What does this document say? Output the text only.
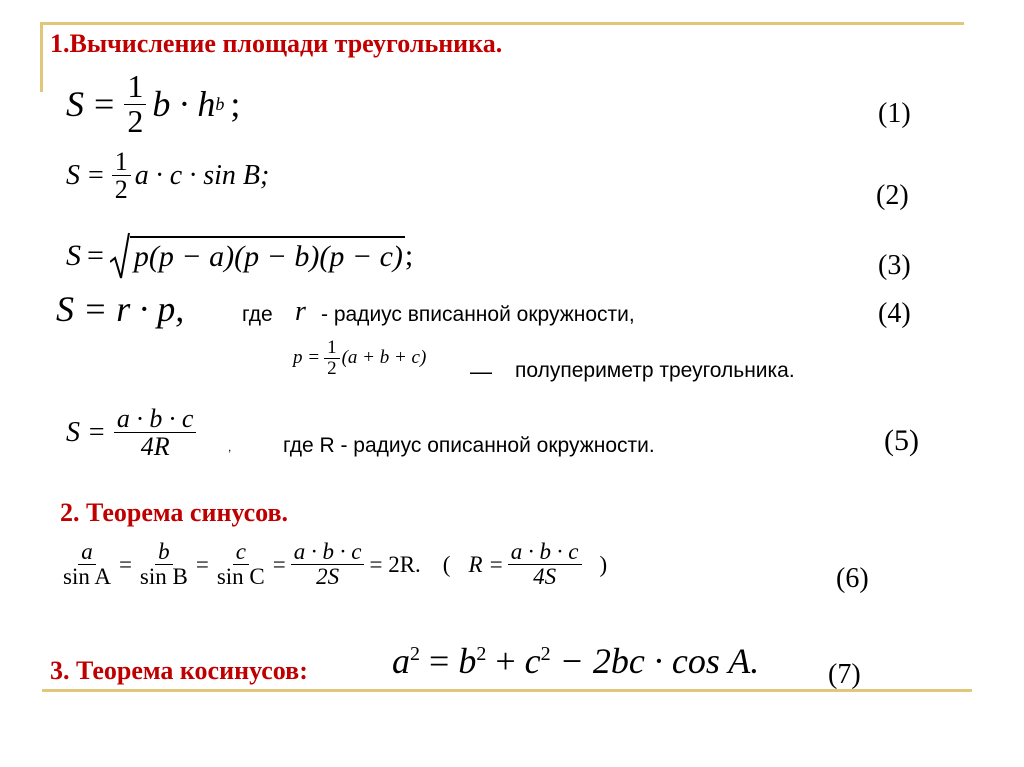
1.Вычисление площади треугольника.
$S = \frac{1}{2}$ b · h b ;	(1)
$S = \frac{1}{2}$ a · c · sin B;
(2)
S = p(p − a)(p − b)(p − c) ;	(3)
S = r · p,	где r - радиус вписанной окружности,	(4)
$p = \frac{1}{2} (a + b + c)$
— полупериметр треугольника.
$S = \frac{a \cdot b \cdot c}{4R}$	, где R - радиус описанной окружности.	(5)
2. Теорема синусов.
$\frac{a}{\text{sin A}} = \frac{b}{\text{sin B}} = \frac{c}{\text{sin C}} = \frac{a \cdot b \cdot c}{2S} = 2R$. ( $R = \frac{a \cdot b \cdot c}{4S}$ )	(6)
3. Теорема косинусов: $a^2 = b^2 + c^2 - 2bc \cdot \cos A$. (7)
